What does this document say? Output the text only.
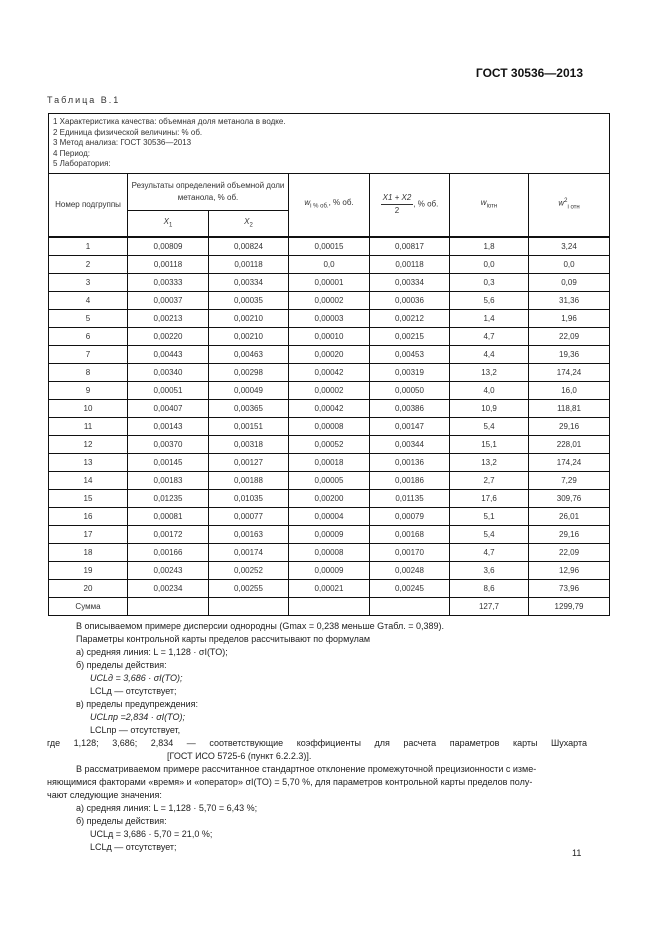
ГОСТ 30536—2013
Таблица В.1
1 Характеристика качества: объемная доля метанола в водке.
2 Единица физической величины: % об.
3 Метод анализа: ГОСТ 30536—2013
4 Период:
5 Лаборатория:						

Номер подгруппы	Результаты определений объемной доли метанола, % об.		$w_{i \% об.}$, % об.	$\frac{X1 + X2}{2}$ , % об.	$w_{iотн}$	$w^2_{i отн}$
	$X_1$	$X_2$
1	0,00809	0,00824	0,00015	0,00817	1,8	3,24
2	0,00118	0,00118	0,0	0,00118	0,0	0,0
3	0,00333	0,00334	0,00001	0,00334	0,3	0,09
4	0,00037	0,00035	0,00002	0,00036	5,6	31,36
5	0,00213	0,00210	0,00003	0,00212	1,4	1,96
6	0,00220	0,00210	0,00010	0,00215	4,7	22,09
7	0,00443	0,00463	0,00020	0,00453	4,4	19,36
8	0,00340	0,00298	0,00042	0,00319	13,2	174,24
9	0,00051	0,00049	0,00002	0,00050	4,0	16,0
10	0,00407	0,00365	0,00042	0,00386	10,9	118,81
11	0,00143	0,00151	0,00008	0,00147	5,4	29,16
12	0,00370	0,00318	0,00052	0,00344	15,1	228,01
13	0,00145	0,00127	0,00018	0,00136	13,2	174,24
14	0,00183	0,00188	0,00005	0,00186	2,7	7,29
15	0,01235	0,01035	0,00200	0,01135	17,6	309,76
16	0,00081	0,00077	0,00004	0,00079	5,1	26,01
17	0,00172	0,00163	0,00009	0,00168	5,4	29,16
18	0,00166	0,00174	0,00008	0,00170	4,7	22,09
19	0,00243	0,00252	0,00009	0,00248	3,6	12,96
20	0,00234	0,00255	0,00021	0,00245	8,6	73,96
Сумма					127,7	1299,79

В описываемом примере дисперсии однородны (Gmax = 0,238 меньше Gтабл. = 0,389).

Параметры контрольной карты пределов рассчитывают по формулам

а) средняя линия: L = 1,128 · σI(TO);

б) пределы действия:

UCLд = 3,686 · σI(TO);

LCLд — отсутствует;

в) пределы предупреждения:

UCLпр =2,834 · σI(TO);

LCLпр — отсутствует,

где 1,128; 3,686; 2,834 — соответствующие коэффициенты для расчета параметров карты Шухарта

[ГОСТ ИСО 5725-6 (пункт 6.2.2.3)].

В рассматриваемом примере рассчитанное стандартное отклонение промежуточной прецизионности с изме-

няющимися факторами «время» и «оператор» σI(TO) = 5,70 %, для параметров контрольной карты пределов полу-

чают следующие значения:

а) средняя линия: L = 1,128 · 5,70 = 6,43 %;

б) пределы действия:

UCLд = 3,686 · 5,70 = 21,0 %;

LCLд — отсутствует;

11
